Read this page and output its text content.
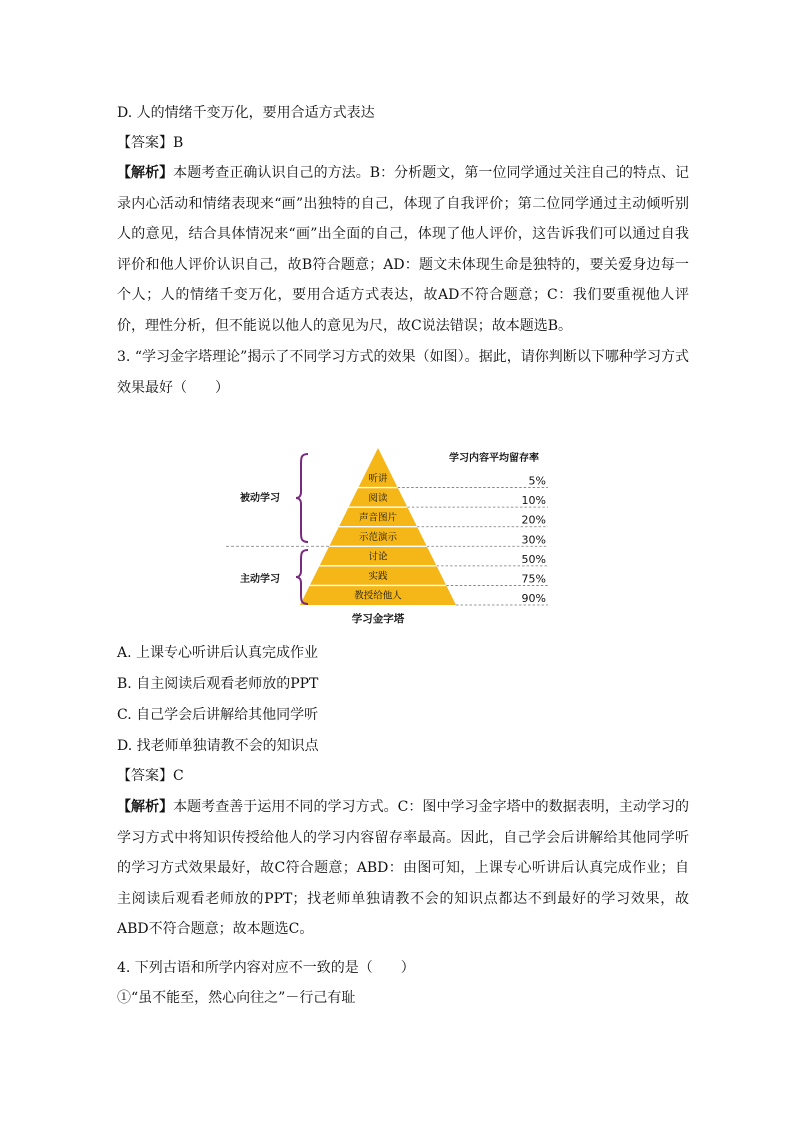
D. 人的情绪千变万化，要用合适方式表达
【答案】B

【解析】本题考查正确认识自己的方法。B：分析题文，第一位同学通过关注自己的特点、记录内心活动和情绪表现来“画”出独特的自己，体现了自我评价；第二位同学通过主动倾听别人的意见，结合具体情况来“画”出全面的自己，体现了他人评价，这告诉我们可以通过自我评价和他人评价认识自己，故B符合题意；AD：题文未体现生命是独特的，要关爱身边每一个人；人的情绪千变万化，要用合适方式表达，故AD不符合题意；C：我们要重视他人评价，理性分析，但不能说以他人的意见为尺，故C说法错误；故本题选B。

3. “学习金字塔理论”揭示了不同学习方式的效果（如图）。据此，请你判断以下哪种学习方式效果最好（　　）

听讲	5%
阅读	10%
声音图片	20%
示范演示	30%
讨论	50%
实践	75%
教授给他人	90%
学习内容平均留存率
被动学习
主动学习
学习金字塔
A. 上课专心听讲后认真完成作业
B. 自主阅读后观看老师放的PPT
C. 自己学会后讲解给其他同学听
D. 找老师单独请教不会的知识点
【答案】C

【解析】本题考查善于运用不同的学习方式。C：图中学习金字塔中的数据表明，主动学习的学习方式中将知识传授给他人的学习内容留存率最高。因此，自己学会后讲解给其他同学听的学习方式效果最好，故C符合题意；ABD：由图可知，上课专心听讲后认真完成作业；自主阅读后观看老师放的PPT；找老师单独请教不会的知识点都达不到最好的学习效果，故ABD不符合题意；故本题选C。

4. 下列古语和所学内容对应不一致的是（　　）
①“虽不能至，然心向往之”－行己有耻
